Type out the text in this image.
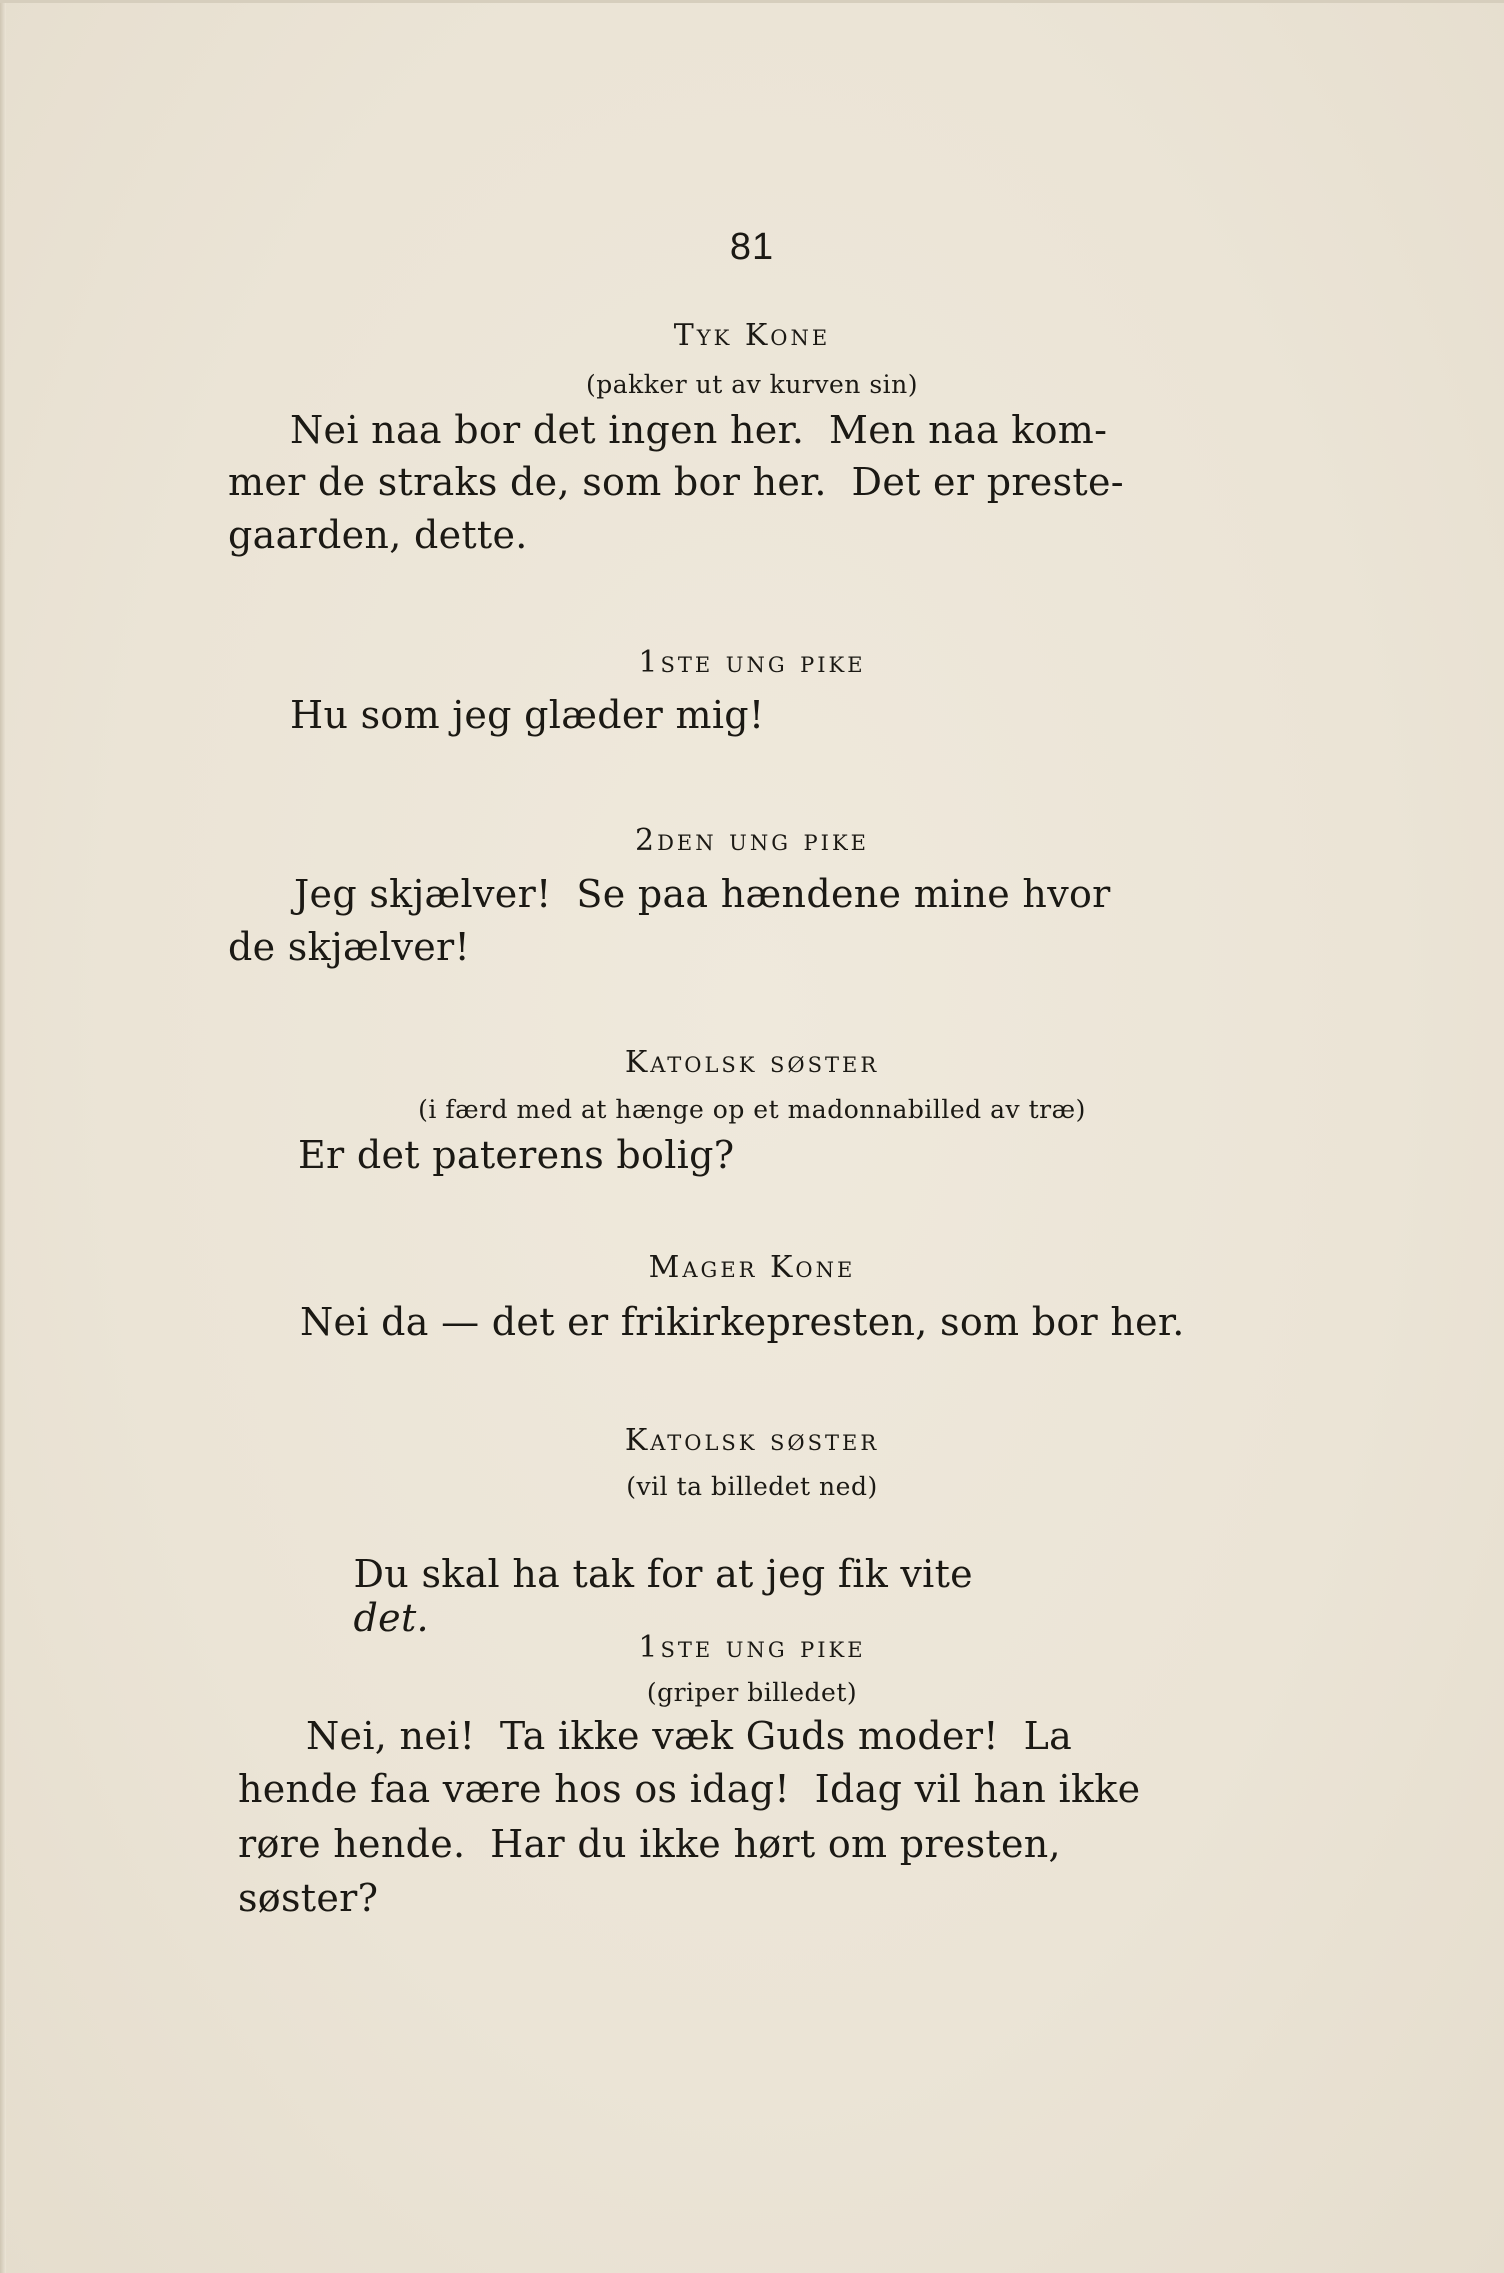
81
Tyk Kone
(pakker ut av kurven sin)
Nei naa bor det ingen her.  Men naa kom-
mer de straks de, som bor her.  Det er preste-
gaarden, dette.
1ste ung pike
Hu som jeg glæder mig!
2den ung pike
Jeg skjælver!  Se paa hændene mine hvor
de skjælver!
Katolsk søster
(i færd med at hænge op et madonnabilled av træ)
Er det paterens bolig?
Mager Kone
Nei da — det er frikirkepresten, som bor her.
Katolsk søster
(vil ta billedet ned)

Du skal ha tak for at jeg fik vite
det.

1ste ung pike
(griper billedet)
Nei, nei!  Ta ikke væk Guds moder!  La
hende faa være hos os idag!  Idag vil han ikke
røre hende.  Har du ikke hørt om presten,
søster?
